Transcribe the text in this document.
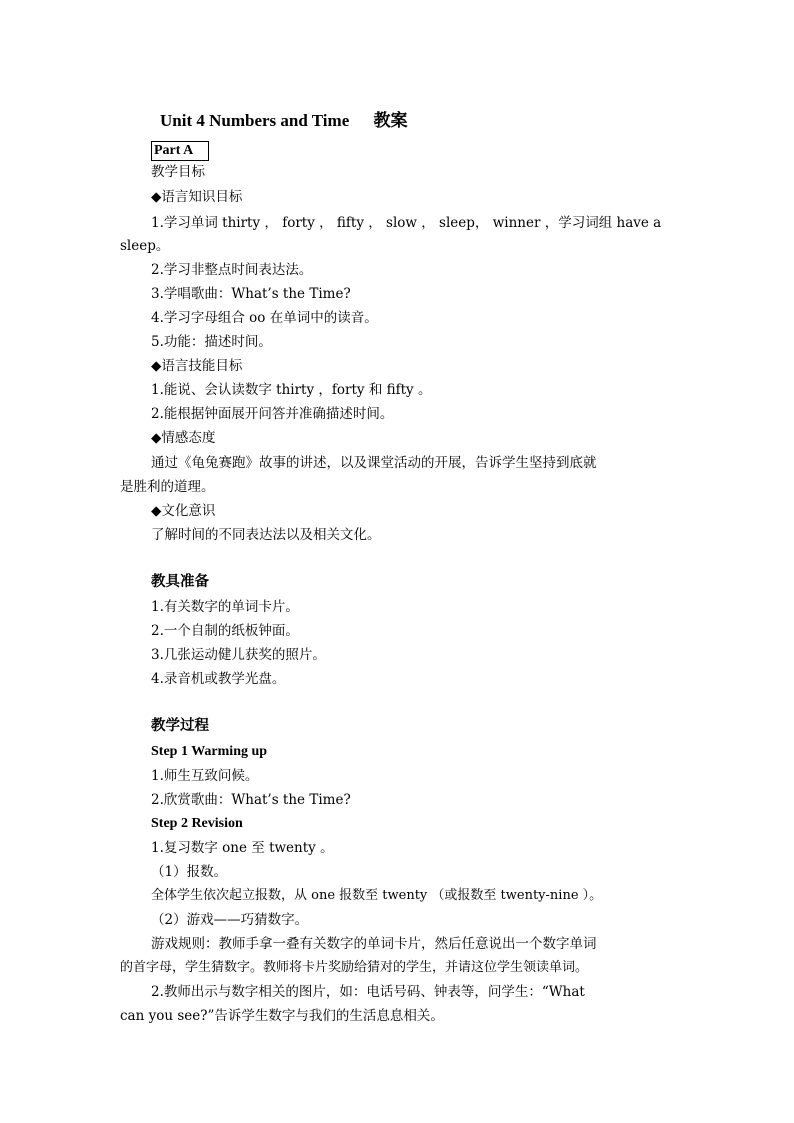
Unit 4 Numbers and Time 教案
Part A
教学目标
◆语言知识目标
1.学习单词 thirty ， forty ， fifty ， slow ， sleep， winner ，学习词组 have a
sleep。
2.学习非整点时间表达法。
3.学唱歌曲：What’s the Time?
4.学习字母组合 oo 在单词中的读音。
5.功能：描述时间。
◆语言技能目标
1.能说、会认读数字 thirty ，forty 和 fifty 。
2.能根据钟面展开问答并准确描述时间。
◆情感态度
通过《龟兔赛跑》故事的讲述，以及课堂活动的开展，告诉学生坚持到底就
是胜利的道理。
◆文化意识
了解时间的不同表达法以及相关文化。
教具准备
1.有关数字的单词卡片。
2.一个自制的纸板钟面。
3.几张运动健儿获奖的照片。
4.录音机或教学光盘。
教学过程
Step 1 Warming up
1.师生互致问候。
2.欣赏歌曲：What’s the Time?
Step 2 Revision
1.复习数字 one 至 twenty 。
（1）报数。
全体学生依次起立报数，从 one 报数至 twenty （或报数至 twenty-nine ）。
（2）游戏——巧猜数字。
游戏规则：教师手拿一叠有关数字的单词卡片，然后任意说出一个数字单词
的首字母，学生猜数字。教师将卡片奖励给猜对的学生，并请这位学生领读单词。
2.教师出示与数字相关的图片，如：电话号码、钟表等，问学生：“What
can you see?”告诉学生数字与我们的生活息息相关。
